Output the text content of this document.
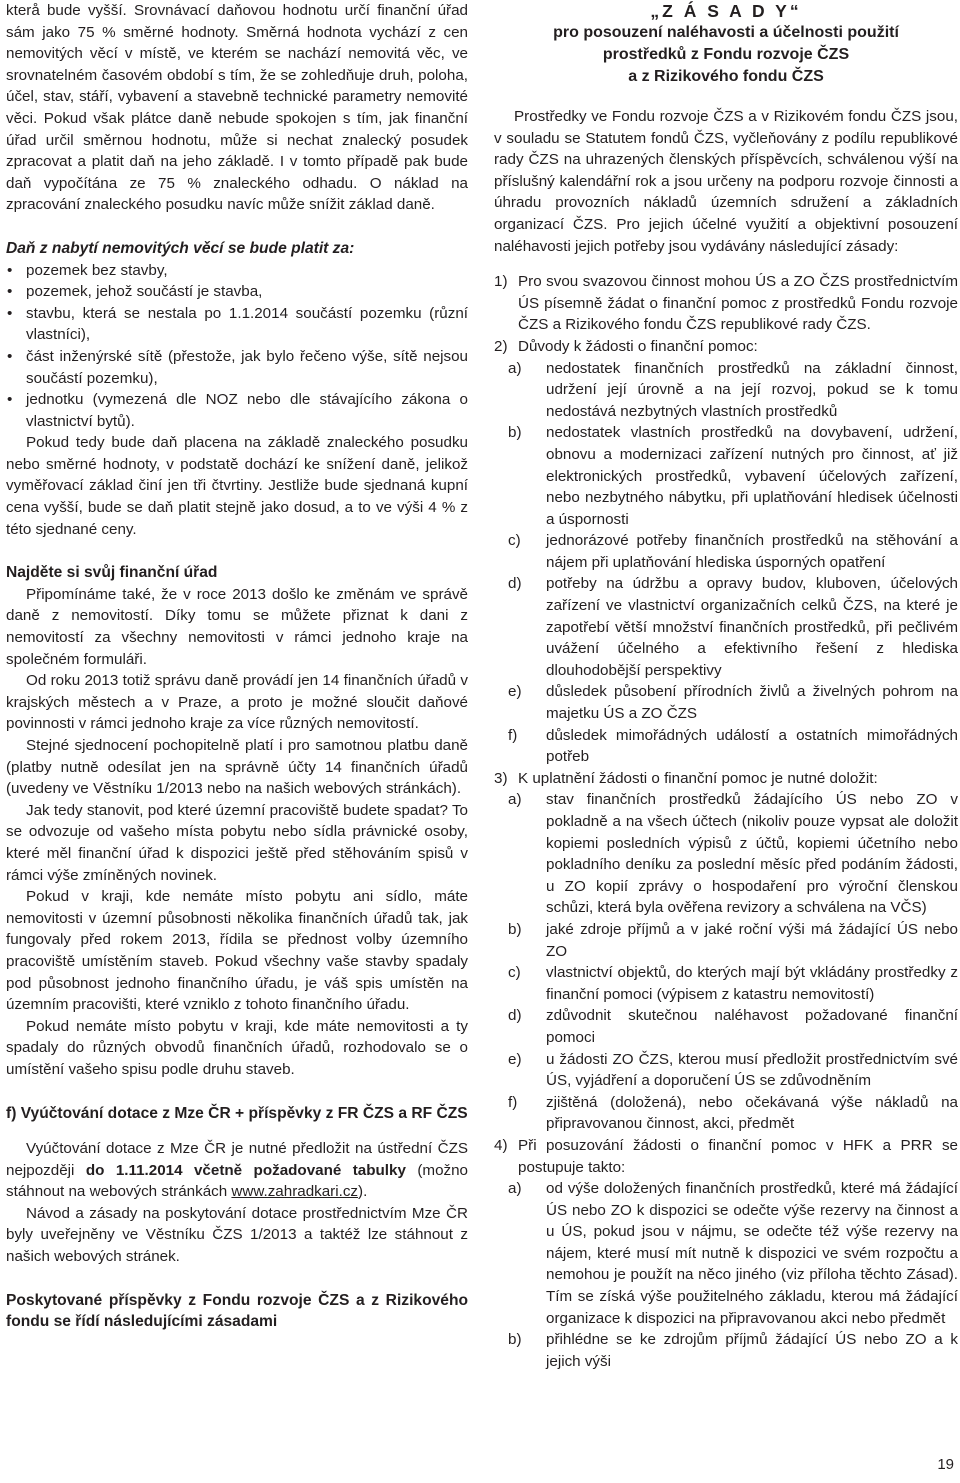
kterå bude vyšší. Srovnávací daňovou hodnotu určí finanční úřad sám jako 75 % směrné hodnoty. Směrná hodnota vychází z cen nemovitých věcí v místě, ve kterém se nachází nemovitá věc, ve srovnatelném časovém období s tím, že se zohledňuje druh, poloha, účel, stav, stáří, vybavení a stavebně technické parametry nemovité věci. Pokud však plátce daně nebude spokojen s tím, jak finanční úřad určil směrnou hodnotu, může si nechat znalecký posudek zpracovat a platit daň na jeho základě. I v tomto případě pak bude daň vypočítána ze 75 % znaleckého odhadu. O náklad na zpracování znaleckého posudku navíc může snížit základ daně.

Daň z nabytí nemovitých věcí se bude platit za:

• pozemek bez stavby,
• pozemek, jehož součástí je stavba,
• stavbu, která se nestala po 1.1.2014 součástí pozemku (různí vlastníci),
• část inženýrské sítě (přestože, jak bylo řečeno výše, sítě nejsou součástí pozemku),
• jednotku (vymezená dle NOZ nebo dle stávajícího zákona o vlastnictví bytů).

Pokud tedy bude daň placena na základě znaleckého posudku nebo směrné hodnoty, v podstatě dochází ke snížení daně, jelikož vyměřovací základ činí jen tři čtvrtiny. Jestliže bude sjednaná kupní cena vyšší, bude se daň platit stejně jako dosud, a to ve výši 4 % z této sjednané ceny.

Najděte si svůj finanční úřad

Připomínáme také, že v roce 2013 došlo ke změnám ve správě daně z nemovitostí. Díky tomu se můžete přiznat k dani z nemovitostí za všechny nemovitosti v rámci jednoho kraje na společném formuláři.

Od roku 2013 totiž správu daně provádí jen 14 finančních úřadů v krajských městech a v Praze, a proto je možné sloučit daňové povinnosti v rámci jednoho kraje za více různých nemovitostí.

Stejné sjednocení pochopitelně platí i pro samotnou platbu daně (platby nutně odesílat jen na správně účty 14 finančních úřadů (uvedeny ve Věstníku 1/2013 nebo na našich webových stránkách).

Jak tedy stanovit, pod které územní pracoviště budete spadat? To se odvozuje od vašeho místa pobytu nebo sídla právnické osoby, které měl finanční úřad k dispozici ještě před stěhováním spisů v rámci výše zmíněných novinek.

Pokud v kraji, kde nemáte místo pobytu ani sídlo, máte nemovitosti v územní působnosti několika finančních úřadů tak, jak fungovaly před rokem 2013, řídila se přednost volby územního pracoviště umístěním staveb. Pokud všechny vaše stavby spadaly pod působnost jednoho finančního úřadu, je váš spis umístěn na územním pracovišti, které vzniklo z tohoto finančního úřadu.

Pokud nemáte místo pobytu v kraji, kde máte nemovitosti a ty spadaly do různých obvodů finančních úřadů, rozhodovalo se o umístění vašeho spisu podle druhu staveb.

f) Vyúčtování dotace z Mze ČR + příspěvky z FR ČZS a RF ČZS

Vyúčtování dotace z Mze ČR je nutné předložit na ústřední ČZS nejpozději do 1.11.2014 včetně požadované tabulky (možno stáhnout na webových stránkách www.zahradkari.cz).

Návod a zásady na poskytování dotace prostřednictvím Mze ČR byly uveřejněny ve Věstníku ČZS 1/2013 a taktéž lze stáhnout z našich webových stránek.

Poskytované příspěvky z Fondu rozvoje ČZS a z Rizikového fondu se řídí následujícími zásadami

„Z Á S A D Y“
pro posouzení naléhavosti a účelnosti použití
prostředků z Fondu rozvoje ČZS
a z Rizikového fondu ČZS

Prostředky ve Fondu rozvoje ČZS a v Rizikovém fondu ČZS jsou, v souladu se Statutem fondů ČZS, vyčleňovány z podílu republikové rady ČZS na uhrazených členských příspěvcích, schválenou výší na příslušný kalendářní rok a jsou určeny na podporu rozvoje činnosti a úhradu provozních nákladů územních sdružení a základních organizací ČZS. Pro jejich účelné využití a objektivní posouzení naléhavosti jejich potřeby jsou vydávány následující zásady:

1) Pro svou svazovou činnost mohou ÚS a ZO ČZS prostřednictvím ÚS písemně žádat o finanční pomoc z prostředků Fondu rozvoje ČZS a Rizikového fondu ČZS republikové rady ČZS.
2) Důvody k žádosti o finanční pomoc:
a)	nedostatek finančních prostředků na základní činnost, udržení její úrovně a na její rozvoj, pokud se k tomu nedostává nezbytných vlastních prostředků
b)	nedostatek vlastních prostředků na dovybavení, udržení, obnovu a modernizaci zařízení nutných pro činnost, ať již elektronických prostředků, vybavení účelových zařízení, nebo nezbytného nábytku, při uplatňování hledisek účelnosti a úspornosti
c)	jednorázové potřeby finančních prostředků na stěhování a nájem při uplatňování hlediska úsporných opatření
d)	potřeby na údržbu a opravy budov, kluboven, účelových zařízení ve vlastnictví organizačních celků ČZS, na které je zapotřebí větší množství finančních prostředků, při pečlivém uvážení účelného a efektivního řešení z hlediska dlouhodobější perspektivy
e)	důsledek působení přírodních živlů a živelných pohrom na majetku ÚS a ZO ČZS
f)	důsledek mimořádných událostí a ostatních mimořádných potřeb
3) K uplatnění žádosti o finanční pomoc je nutné doložit:
a)	stav finančních prostředků žádajícího ÚS nebo ZO v pokladně a na všech účtech (nikoliv pouze vypsat ale doložit kopiemi posledních výpisů z účtů, kopiemi účetního nebo pokladního deníku za poslední měsíc před podáním žádosti, u ZO kopií zprávy o hospodaření pro výroční členskou schůzi, která byla ověřena revizory a schválena na VČS)
b)	jaké zdroje příjmů a v jaké roční výši má žádající ÚS nebo ZO
c)	vlastnictví objektů, do kterých mají být vkládány prostředky z finanční pomoci (výpisem z katastru nemovitostí)
d)	zdůvodnit skutečnou naléhavost požadované finanční pomoci
e)	u žádosti ZO ČZS, kterou musí předložit prostřednictvím své ÚS, vyjádření a doporučení ÚS se zdůvodněním
f)	zjištěná (doložená), nebo očekávaná výše nákladů na připravovanou činnost, akci, předmět
4) Při posuzování žádosti o finanční pomoc v HFK a PRR se postupuje takto:
a)	od výše doložených finančních prostředků, které má žádající ÚS nebo ZO k dispozici se odečte výše rezervy na činnost a u ÚS, pokud jsou v nájmu, se odečte též výše rezervy na nájem, které musí mít nutně k dispozici ve svém rozpočtu a nemohou je použít na něco jiného (viz příloha těchto Zásad). Tím se získá výše použitelného základu, kterou má žádající organizace k dispozici na připravovanou akci nebo předmět
b)	přihlédne se ke zdrojům příjmů žádající ÚS nebo ZO a k jejich výši
19
